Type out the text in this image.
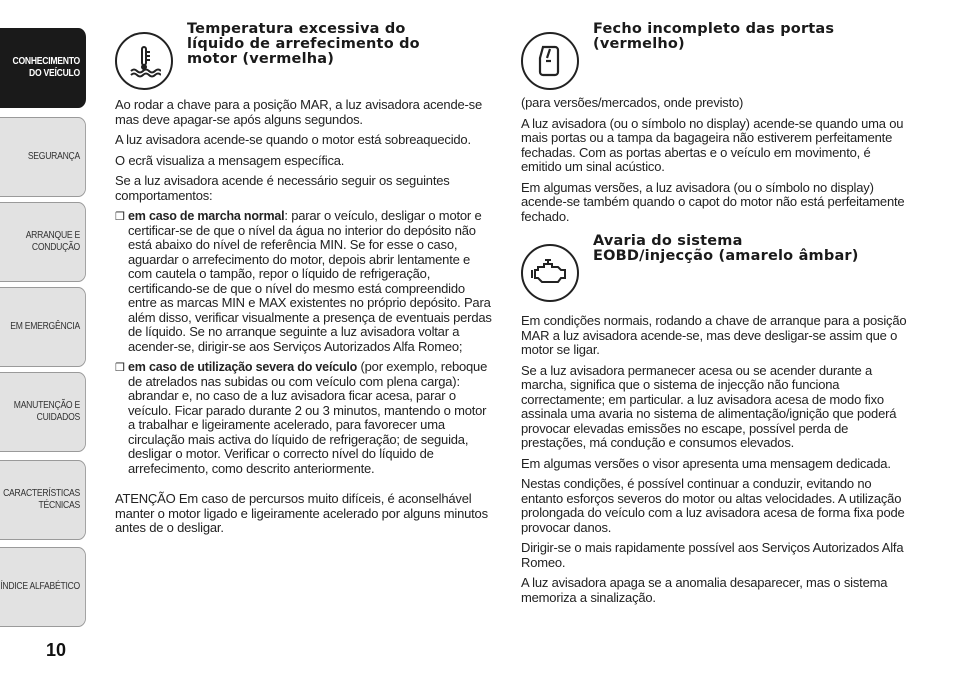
CONHECIMENTO
DO VEÍCULO
SEGURANÇA
ARRANQUE E
CONDUÇÃO
EM EMERGÊNCIA
MANUTENÇÃO E
CUIDADOS
CARACTERÍSTICAS
TÉCNICAS
ÍNDICE ALFABÉTICO
10
Temperatura excessiva do
líquido de arrefecimento do
motor (vermelha)
Ao rodar a chave para a posição MAR, a luz avisadora acende-se mas deve apagar-se após alguns segundos.
A luz avisadora acende-se quando o motor está sobreaquecido.
O ecrã visualiza a mensagem específica.
Se a luz avisadora acende é necessário seguir os seguintes comportamentos:
❒ em caso de marcha normal: parar o veículo, desligar o motor e certificar-se de que o nível da água no interior do depósito não está abaixo do nível de referência MIN. Se for esse o caso, aguardar o arrefecimento do motor, depois abrir lentamente e com cautela o tampão, repor o líquido de refrigeração, certificando-se de que o nível do mesmo está compreendido entre as marcas MIN e MAX existentes no próprio depósito. Para além disso, verificar visualmente a presença de eventuais perdas de líquido. Se no arranque seguinte a luz avisadora voltar a acender-se, dirigir-se aos Serviços Autorizados Alfa Romeo;
❒ em caso de utilização severa do veículo (por exemplo, reboque de atrelados nas subidas ou com veículo com plena carga): abrandar e, no caso de a luz avisadora ficar acesa, parar o veículo. Ficar parado durante 2 ou 3 minutos, mantendo o motor a trabalhar e ligeiramente acelerado, para favorecer uma circulação mais activa do líquido de refrigeração; de seguida, desligar o motor. Verificar o correcto nível do líquido de arrefecimento, como descrito anteriormente.
ATENÇÃO Em caso de percursos muito difíceis, é aconselhável manter o motor ligado e ligeiramente acelerado por alguns minutos antes de o desligar.
Fecho incompleto das portas
(vermelho)
(para versões/mercados, onde previsto)
A luz avisadora (ou o símbolo no display) acende-se quando uma ou mais portas ou a tampa da bagageira não estiverem perfeitamente fechadas. Com as portas abertas e o veículo em movimento, é emitido um sinal acústico.
Em algumas versões, a luz avisadora (ou o símbolo no display) acende-se também quando o capot do motor não está perfeitamente fechado.
Avaria do sistema
EOBD/injecção (amarelo âmbar)
Em condições normais, rodando a chave de arranque para a posição MAR a luz avisadora acende-se, mas deve desligar-se assim que o motor se ligar.
Se a luz avisadora permanecer acesa ou se acender durante a marcha, significa que o sistema de injecção não funciona correctamente; em particular. a luz avisadora acesa de modo fixo assinala uma avaria no sistema de alimentação/ignição que poderá provocar elevadas emissões no escape, possível perda de prestações, má condução e consumos elevados.
Em algumas versões o visor apresenta uma mensagem dedicada.
Nestas condições, é possível continuar a conduzir, evitando no entanto esforços severos do motor ou altas velocidades. A utilização prolongada do veículo com a luz avisadora acesa de forma fixa pode provocar danos.
Dirigir-se o mais rapidamente possível aos Serviços Autorizados Alfa Romeo.
A luz avisadora apaga se a anomalia desaparecer, mas o sistema memoriza a sinalização.
